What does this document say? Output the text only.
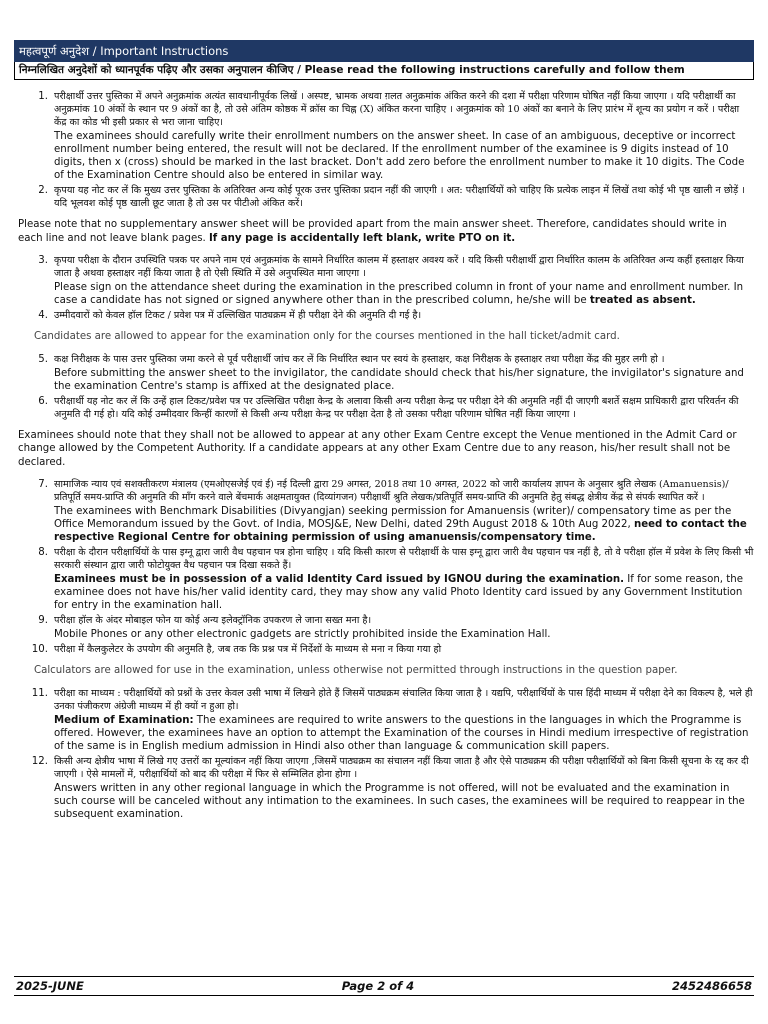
महत्वपूर्ण अनुदेश / Important Instructions
निम्नलिखित अनुदेशों को ध्यानपूर्वक पढ़िए और उसका अनुपालन कीजिए / Please read the following instructions carefully and follow them
1. परीक्षार्थी उत्तर पुस्तिका में अपने अनुक्रमांक अत्यंत सावधानीपूर्वक लिखें । अस्पष्ट, भ्रामक अथवा ग़लत अनुक्रमांक अंकित करने की दशा में परीक्षा परिणाम घोषित नहीं किया जाएगा । यदि परीक्षार्थी का अनुक्रमांक 10 अंकों के स्थान पर 9 अंकों का है, तो उसे अंतिम कोष्ठक में क्रॉस का चिह्न (X) अंकित करना चाहिए । अनुक्रमांक को 10 अंकों का बनाने के लिए प्रारंभ में शून्य का प्रयोग न करें । परीक्षा केंद्र का कोड भी इसी प्रकार से भरा जाना चाहिए।
The examinees should carefully write their enrollment numbers on the answer sheet. In case of an ambiguous, deceptive or incorrect enrollment number being entered, the result will not be declared. If the enrollment number of the examinee is 9 digits instead of 10 digits, then x (cross) should be marked in the last bracket. Don't add zero before the enrollment number to make it 10 digits. The Code of the Examination Centre should also be entered in similar way.
2. कृपया यह नोट कर लें कि मुख्य उत्तर पुस्तिका के अतिरिक्त अन्य कोई पूरक उत्तर पुस्तिका प्रदान नहीं की जाएगी । अत: परीक्षार्थियों को चाहिए कि प्रत्येक लाइन में लिखें तथा कोई भी पृष्ठ खाली न छोड़ें । यदि भूलवश कोई पृष्ठ खाली छूट जाता है तो उस पर पीटीओ अंकित करें।
Please note that no supplementary answer sheet will be provided apart from the main answer sheet. Therefore, candidates should write in each line and not leave blank pages. If any page is accidentally left blank, write PTO on it.
3. कृपया परीक्षा के दौरान उपस्थिति पत्रक पर अपने नाम एवं अनुक्रमांक के सामने निर्धारित कालम में हस्ताक्षर अवश्य करें । यदि किसी परीक्षार्थी द्वारा निर्धारित कालम के अतिरिक्त अन्य कहीं हस्ताक्षर किया जाता है अथवा हस्ताक्षर नहीं किया जाता है तो ऐसी स्थिति में उसे अनुपस्थित माना जाएगा ।
Please sign on the attendance sheet during the examination in the prescribed column in front of your name and enrollment number. In case a candidate has not signed or signed anywhere other than in the prescribed column, he/she will be treated as absent.
4. उम्मीदवारों को केवल हॉल टिकट / प्रवेश पत्र में उल्लिखित पाठ्यक्रम में ही परीक्षा देने की अनुमति दी गई है।
Candidates are allowed to appear for the examination only for the courses mentioned in the hall ticket/admit card.
5. कक्ष निरीक्षक के पास उत्तर पुस्तिका जमा करने से पूर्व परीक्षार्थी जांच कर लें कि निर्धारित स्थान पर स्वयं के हस्ताक्षर, कक्ष निरीक्षक के हस्ताक्षर तथा परीक्षा केंद्र की मुहर लगी हो ।
Before submitting the answer sheet to the invigilator, the candidate should check that his/her signature, the invigilator's signature and the examination Centre's stamp is affixed at the designated place.
6. परीक्षार्थी यह नोट कर लें कि उन्हें हाल टिकट/प्रवेश पत्र पर उल्लिखित परीक्षा केन्द्र के अलावा किसी अन्य परीक्षा केन्द्र पर परीक्षा देने की अनुमति नहीं दी जाएगी बशर्ते सक्षम प्राधिकारी द्वारा परिवर्तन की अनुमति दी गई हो। यदि कोई उम्मीदवार किन्हीं कारणों से किसी अन्य परीक्षा केन्द्र पर परीक्षा देता है तो उसका परीक्षा परिणाम घोषित नहीं किया जाएगा ।
Examinees should note that they shall not be allowed to appear at any other Exam Centre except the Venue mentioned in the Admit Card or change allowed by the Competent Authority. If a candidate appears at any other Exam Centre due to any reason, his/her result shall not be declared.
7. सामाजिक न्याय एवं सशक्तीकरण मंत्रालय (एमओएसजेई एवं ई) नई दिल्ली द्वारा 29 अगस्त, 2018 तथा 10 अगस्त, 2022 को जारी कार्यालय ज्ञापन के अनुसार श्रुति लेखक (Amanuensis)/प्रतिपूर्ति समय-प्राप्ति की अनुमति की माँग करने वाले बेंचमार्क अक्षमतायुक्त (दिव्यांगजन) परीक्षार्थी श्रुति लेखक/प्रतिपूर्ति समय-प्राप्ति की अनुमति हेतु संबद्ध क्षेत्रीय केंद्र से संपर्क स्थापित करें ।
The examinees with Benchmark Disabilities (Divyangjan) seeking permission for Amanuensis (writer)/ compensatory time as per the Office Memorandum issued by the Govt. of India, MOSJ&E, New Delhi, dated 29th August 2018 & 10th Aug 2022, need to contact the respective Regional Centre for obtaining permission of using amanuensis/compensatory time.
8. परीक्षा के दौरान परीक्षार्थियों के पास इग्नू द्वारा जारी वैध पहचान पत्र होना चाहिए । यदि किसी कारण से परीक्षार्थी के पास इग्नू द्वारा जारी वैध पहचान पत्र नहीं है, तो वे परीक्षा हॉल में प्रवेश के लिए किसी भी सरकारी संस्थान द्वारा जारी फोटोयुक्त वैध पहचान पत्र दिखा सकते हैं।
Examinees must be in possession of a valid Identity Card issued by IGNOU during the examination. If for some reason, the examinee does not have his/her valid identity card, they may show any valid Photo Identity card issued by any Government Institution for entry in the examination hall.
9. परीक्षा हॉल के अंदर मोबाइल फोन या कोई अन्य इलेक्ट्रॉनिक उपकरण ले जाना सख्त मना है।
Mobile Phones or any other electronic gadgets are strictly prohibited inside the Examination Hall.
10. परीक्षा में कैलकुलेटर के उपयोग की अनुमति है, जब तक कि प्रश्न पत्र में निर्देशों के माध्यम से मना न किया गया हो
Calculators are allowed for use in the examination, unless otherwise not permitted through instructions in the question paper.
11. परीक्षा का माध्यम : परीक्षार्थियों को प्रश्नों के उत्तर केवल उसी भाषा में लिखने होते हैं जिसमें पाठ्यक्रम संचालित किया जाता है । यद्यपि, परीक्षार्थियों के पास हिंदी माध्यम में परीक्षा देने का विकल्प है, भले ही उनका पंजीकरण अंग्रेजी माध्यम में ही क्यों न हुआ हो।
Medium of Examination: The examinees are required to write answers to the questions in the languages in which the Programme is offered. However, the examinees have an option to attempt the Examination of the courses in Hindi medium irrespective of registration of the same is in English medium admission in Hindi also other than language & communication skill papers.
12. किसी अन्य क्षेत्रीय भाषा में लिखे गए उत्तरों का मूल्यांकन नहीं किया जाएगा ,जिसमें पाठ्यक्रम का संचालन नहीं किया जाता है और ऐसे पाठ्यक्रम की परीक्षा परीक्षार्थियों को बिना किसी सूचना के रद्द कर दी जाएगी । ऐसे मामलों में, परीक्षार्थियों को बाद की परीक्षा में फिर से सम्मिलित होना होगा ।
Answers written in any other regional language in which the Programme is not offered, will not be evaluated and the examination in such course will be canceled without any intimation to the examinees. In such cases, the examinees will be required to reappear in the subsequent examination.
2025-JUNE	Page 2 of 4	2452486658
